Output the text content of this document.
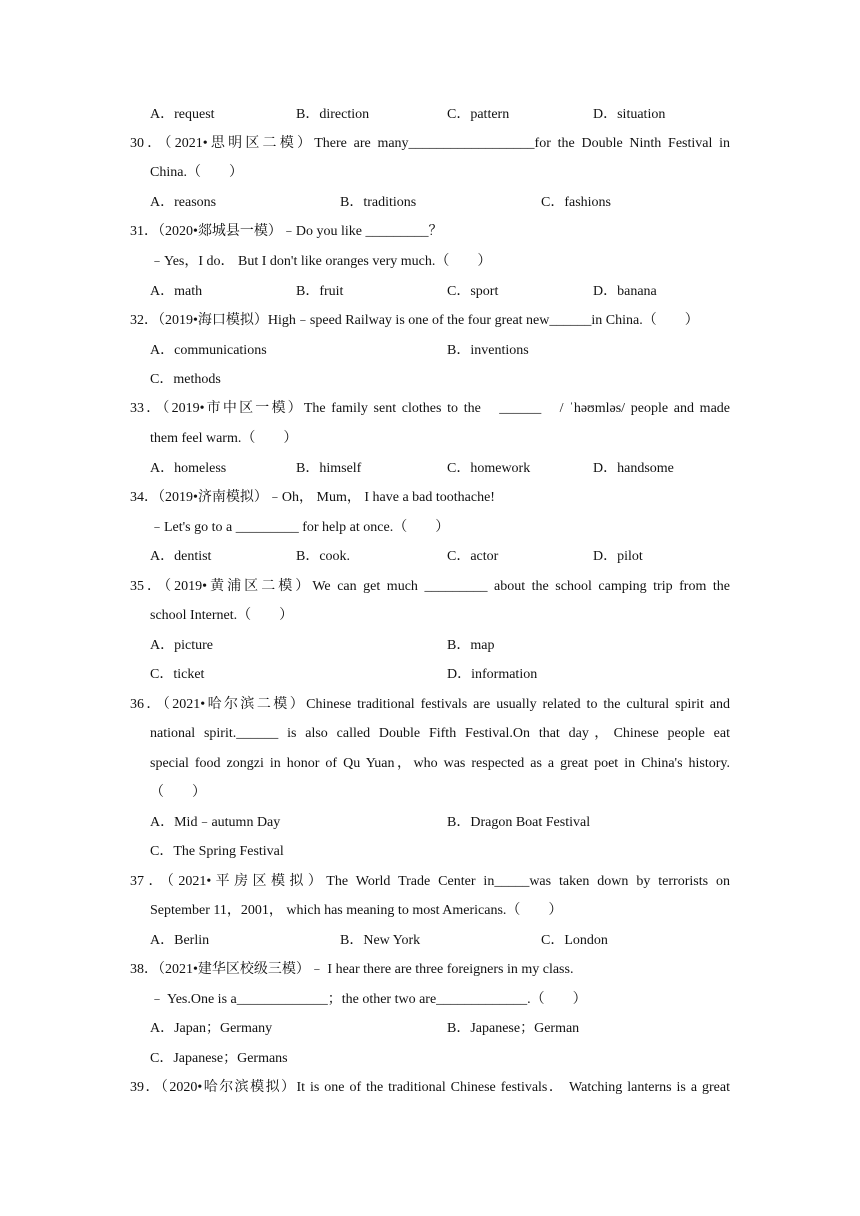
A．request	B．direction	C．pattern	D．situation
30．（2021•思明区二模）There are many__________________for the Double Ninth Festival in
China.（　　）
A．reasons	B．traditions	C．fashions
31．（2020•郯城县一模）﹣Do you like _________？
﹣Yes，I do． But I don't like oranges very much.（　　）
A．math	B．fruit	C．sport	D．banana
32．（2019•海口模拟）High﹣speed Railway is one of the four great new______in China.（　　）
A．communications	B．inventions
C．methods
33．（2019•市中区一模）The family sent clothes to the　______　/ ˈhəʊmləs/ people and made
them feel warm.（　　）
A．homeless	B．himself	C．homework	D．handsome
34．（2019•济南模拟）﹣Oh， Mum， I have a bad toothache!
﹣Let's go to a _________ for help at once.（　　）
A．dentist	B．cook.	C．actor	D．pilot
35．（2019•黄浦区二模）We can get much _________ about the school camping trip from the
school Internet.（　　）
A．picture	B．map
C．ticket	D．information
36．（2021•哈尔滨二模）Chinese traditional festivals are usually related to the cultural spirit and
national spirit.______ is also called Double Fifth Festival.On that day，Chinese people eat
special food zongzi in honor of Qu Yuan，who was respected as a great poet in China's history.
（　　）
A．Mid﹣autumn Day	B．Dragon Boat Festival
C．The Spring Festival
37．（2021•平房区模拟）The World Trade Center in_____was taken down by terrorists on
September 11，2001， which has meaning to most Americans.（　　）
A．Berlin	B．New York	C．London
38．（2021•建华区校级三模）﹣ I hear there are three foreigners in my class.
﹣ Yes.One is a_____________；the other two are_____________.（　　）
A．Japan；Germany	B．Japanese；German
C．Japanese；Germans
39．（2020•哈尔滨模拟）It is one of the traditional Chinese festivals． Watching lanterns is a great
